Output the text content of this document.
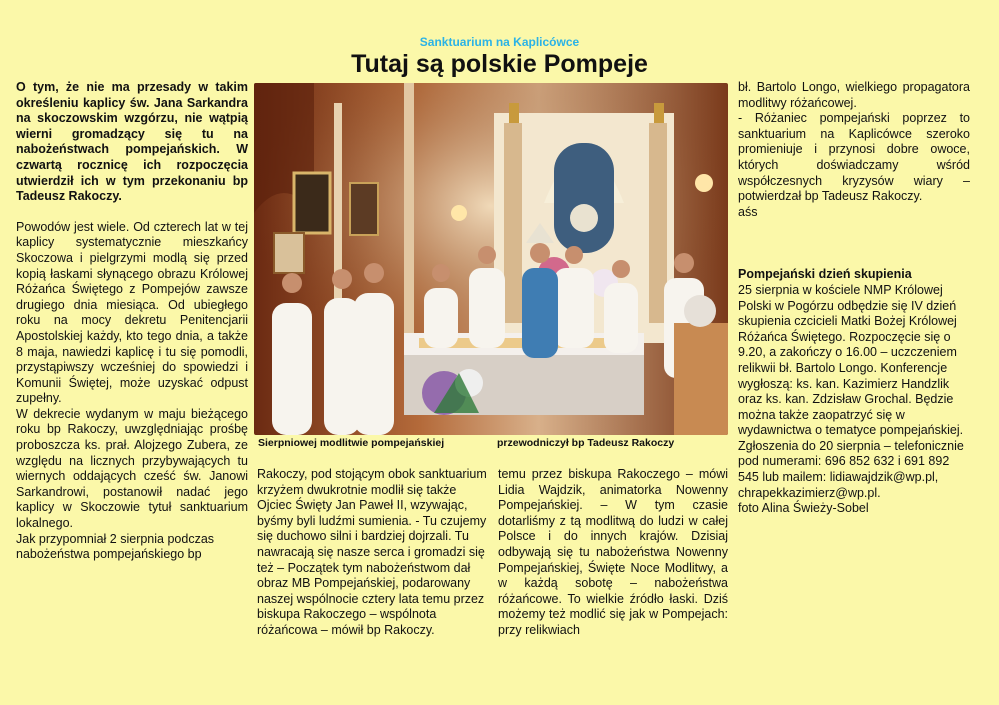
Sanktuarium na Kaplicówce
Tutaj są polskie Pompeje

O tym, że nie ma przesady w takim określeniu kaplicy św. Jana Sarkandra na skoczowskim wzgórzu, nie wątpią wierni gromadzący się tu na nabożeństwach pompejańskich. W czwartą rocznicę ich rozpoczęcia utwierdził ich w tym przekonaniu bp Tadeusz Rakoczy.

Powodów jest wiele. Od czterech lat w tej kaplicy systematycznie mieszkańcy Skoczowa i pielgrzymi modlą się przed kopią łaskami słynącego obrazu Królowej Różańca Świętego z Pompejów zawsze drugiego dnia miesiąca. Od ubiegłego roku na mocy dekretu Penitencjarii Apostolskiej każdy, kto tego dnia, a także 8 maja, nawiedzi kaplicę i tu się pomodli, przystąpiwszy wcześniej do spowiedzi i Komunii Świętej, może uzyskać odpust zupełny.

W dekrecie wydanym w maju bieżącego roku bp Rakoczy, uwzględniając prośbę proboszcza ks. prał. Alojzego Zubera, ze względu na licznych przybywających tu wiernych oddających cześć św. Janowi Sarkandrowi, postanowił nadać jego kaplicy w Skoczowie tytuł sanktuarium lokalnego.

Jak przypomniał 2 sierpnia podczas nabożeństwa pompejańskiego bp

Sierpniowej modlitwie pompejańskiej	przewodniczył bp Tadeusz Rakoczy

Rakoczy, pod stojącym obok sanktuarium krzyżem dwukrotnie modlił się także Ojciec Święty Jan Paweł II, wzywając, byśmy byli ludźmi sumienia. - Tu czujemy się duchowo silni i bardziej dojrzali. Tu nawracają się nasze serca i gromadzi się też – Początek tym nabożeństwom dał obraz MB Pompejańskiej, podarowany naszej wspólnocie cztery lata temu przez biskupa Rakoczego – wspólnota różańcowa – mówił bp Rakoczy.

temu przez biskupa Rakoczego – mówi Lidia Wajdzik, animatorka Nowenny Pompejańskiej. – W tym czasie dotarliśmy z tą modlitwą do ludzi w całej Polsce i do innych krajów. Dzisiaj odbywają się tu nabożeństwa Nowenny Pompejańskiej, Święte Noce Modlitwy, a w każdą sobotę – nabożeństwa różańcowe. To wielkie źródło łaski. Dziś możemy też modlić się jak w Pompejach: przy relikwiach

bł. Bartolo Longo, wielkiego propagatora modlitwy różańcowej.

- Różaniec pompejański poprzez to sanktuarium na Kaplicówce szeroko promieniuje i przynosi dobre owoce, których doświadczamy wśród współczesnych kryzysów wiary – potwierdzał bp Tadeusz Rakoczy.

aśs

Pompejański dzień skupienia

25 sierpnia w kościele NMP Królowej Polski w Pogórzu odbędzie się IV dzień skupienia czcicieli Matki Bożej Królowej Różańca Świętego. Rozpoczęcie się o 9.20, a zakończy o 16.00 – uczczeniem relikwii bł. Bartolo Longo. Konferencje wygłoszą: ks. kan. Kazimierz Handzlik oraz ks. kan. Zdzisław Grochal. Będzie można także zaopatrzyć się w wydawnictwa o tematyce pompejańskiej. Zgłoszenia do 20 sierpnia – telefonicznie pod numerami: 696 852 632 i 691 892 545 lub mailem: lidiawajdzik@wp.pl, chrapekkazimierz@wp.pl.

foto Alina Świeży-Sobel
